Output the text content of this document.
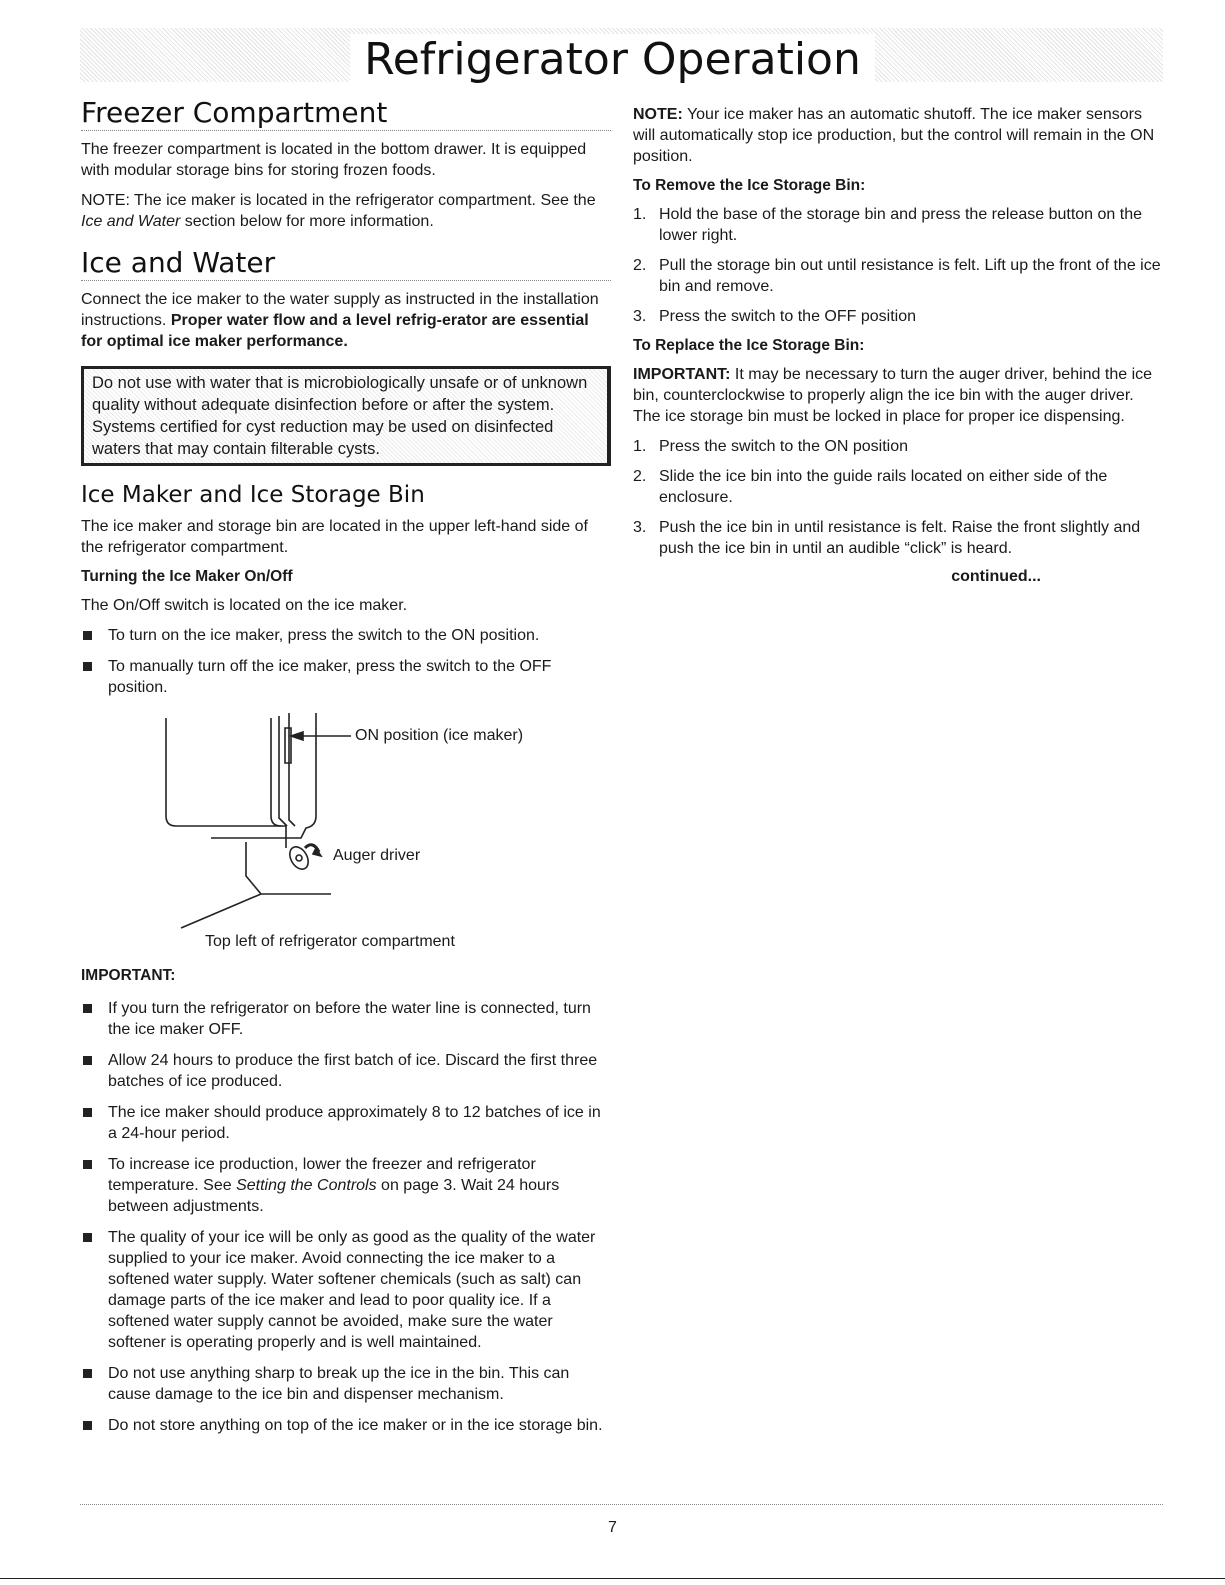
Refrigerator Operation
Freezer Compartment

The freezer compartment is located in the bottom drawer. It is equipped with modular storage bins for storing frozen foods.

NOTE: The ice maker is located in the refrigerator compartment. See the Ice and Water section below for more information.

Ice and Water

Connect the ice maker to the water supply as instructed in the installation instructions. Proper water flow and a level refrig-erator are essential for optimal ice maker performance.

Do not use with water that is microbiologically unsafe or of unknown quality without adequate disinfection before or after the system. Systems certified for cyst reduction may be used on disinfected waters that may contain filterable cysts.
Ice Maker and Ice Storage Bin

The ice maker and storage bin are located in the upper left-hand side of the refrigerator compartment.

Turning the Ice Maker On/Off

The On/Off switch is located on the ice maker.

To turn on the ice maker, press the switch to the ON position.
To manually turn off the ice maker, press the switch to the OFF position.
ON position (ice maker)
Auger driver
Top left of refrigerator compartment

IMPORTANT:

If you turn the refrigerator on before the water line is connected, turn the ice maker OFF.
Allow 24 hours to produce the first batch of ice. Discard the first three batches of ice produced.
The ice maker should produce approximately 8 to 12 batches of ice in a 24-hour period.
To increase ice production, lower the freezer and refrigerator temperature. See Setting the Controls on page 3. Wait 24 hours between adjustments.
The quality of your ice will be only as good as the quality of the water supplied to your ice maker. Avoid connecting the ice maker to a softened water supply. Water softener chemicals (such as salt) can damage parts of the ice maker and lead to poor quality ice. If a softened water supply cannot be avoided, make sure the water softener is operating properly and is well maintained.
Do not use anything sharp to break up the ice in the bin. This can cause damage to the ice bin and dispenser mechanism.
Do not store anything on top of the ice maker or in the ice storage bin.

NOTE: Your ice maker has an automatic shutoff. The ice maker sensors will automatically stop ice production, but the control will remain in the ON position.

To Remove the Ice Storage Bin:

1. Hold the base of the storage bin and press the release button on the lower right.
2. Pull the storage bin out until resistance is felt. Lift up the front of the ice bin and remove.
3. Press the switch to the OFF position

To Replace the Ice Storage Bin:

IMPORTANT: It may be necessary to turn the auger driver, behind the ice bin, counterclockwise to properly align the ice bin with the auger driver. The ice storage bin must be locked in place for proper ice dispensing.

1. Press the switch to the ON position
2. Slide the ice bin into the guide rails located on either side of the enclosure.
3. Push the ice bin in until resistance is felt. Raise the front slightly and push the ice bin in until an audible “click” is heard.
continued...
7
